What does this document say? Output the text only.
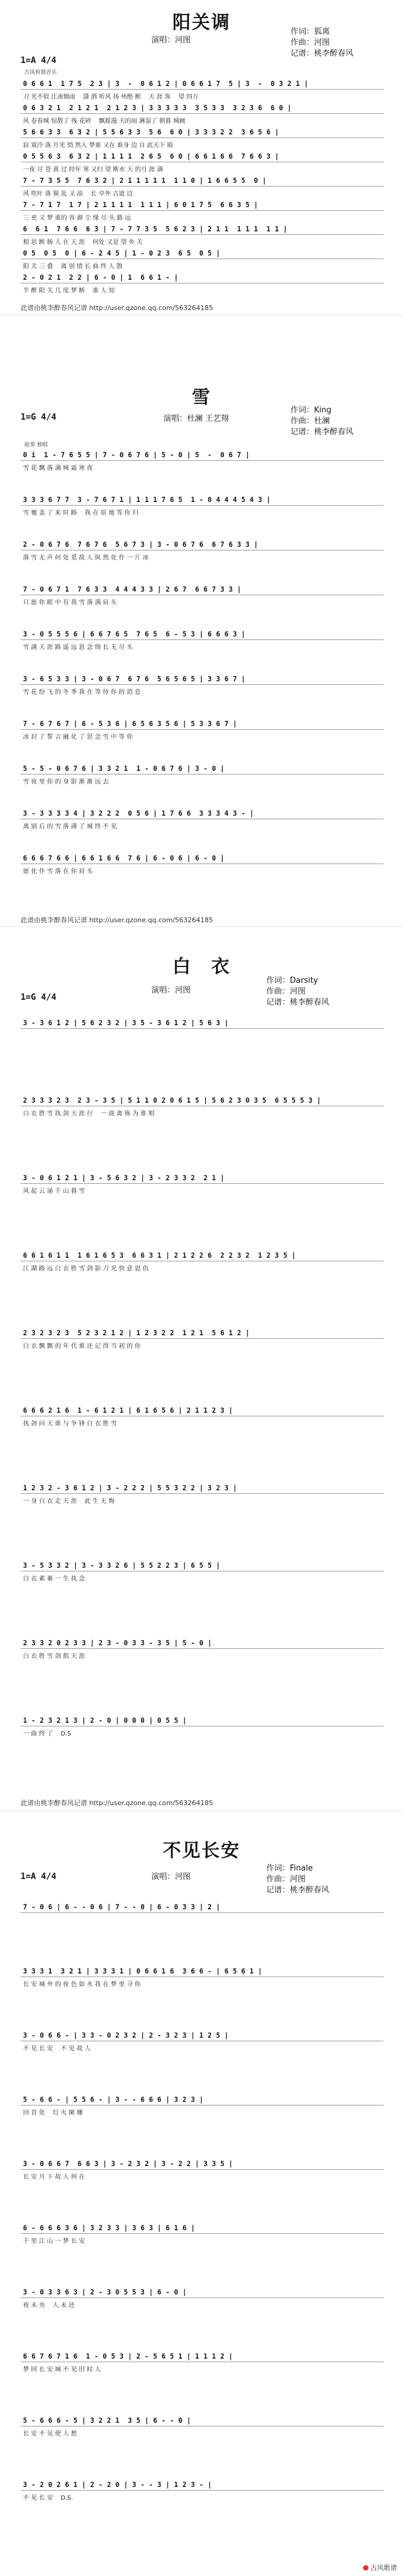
阳关调
1=A 4/4
演唱：河图
作词：狐离
作曲：河图
记谱：桃李醉春风
古风和谐音乐
0 6 6 1  1 7 5  2 3 | 3  -  0 6 1 2 | 0 6 6 1 7  5 | 3  -  0 3 2 1 |
刀 光不似 江南烟雨    潇 洒 听风 扬 州绝 断    天 涯 客    望 四方
0 6 3 2 1  2 1 2 1  2 1 2 3 | 3 3 3 3 3  3 5 3 3  3 2 3 6  6 0 |
风 卷春城 惊散了 残 花碎    飘摇漫 天的雨 淋湿了 朝暮 城阙
5 6 6 3 3  6 3 2 | 5 5 6 3 3  5 6  6 0 | 3 3 3 2 2  3 6 5 6 |
寂 寞冷 落 月光 悄 然入 梦谁 又在 谁身 边 自 此天下 暗
0 5 5 6 3  6 3 2 | 1 1 1 1  2 6 5  6 0 | 6 6 1 6 6  7 6 6 3 |
一夜 尽 苍 黄 过 经年 寒 又归 望 断水 天 的月 涯 满
7 - 7 3 5 5  7 6 3 2 | 2 1 1 1 1 1  1 1 0 | 1 6 6 5 5  0 |
风 吹叶 落 鬓 乱 又 添    长 亭外 古道 边
7 - 7 1 7  1 7 | 2 1 1 1 1  1 1 1 | 6 0 1 7 5  6 6 3 5 |
三 更 又 梦 谁的 容 颜 尘 缘 尽 头 路 远
6  6 1  7 6 6  6 3 | 7 - 7 7 3 5  5 6 2 3 | 2 1 1  1 1 1  1 1 |
相 思 断 肠 人 在 天 涯    何处 又是 望 乡 关
0 5  0 5  0 | 6 - 2 4 5 | 1 - 0 2 3  6 5  0 5 |
阳 关 三 叠    离 别 情 长 曲 终 人 散
2 - 0 2 1  2 2 | 6 - 0 | 1  6 6 1 - |
半 醉 阳 关 几 度 梦 断    谁 人 知
此谱由桃李醉春风记谱 http://user.qzone.qq.com/563264185
雪
1=G 4/4	演唱：杜澜 王艺翔
作词：King
作曲：杜澜
记谱：桃李醉春风
前奏 独唱
0 i  1 - 7 6 5 5 | 7 - 0 6 7 6 | 5 - 0 | 5  -  0 6 7 |
雪 花 飘 落 满 城 霜 寒 夜
3 3 3 6 7 7  3 - 7 6 7 1 | 1 1 1 7 6 5  1 - 0 4 4 4 5 4 3 |
雪 覆 盖 了 来 时 路    我 在 原 地 等 你 归
2 - 0 6 7 6  7 6 7 6  5 6 7 3 | 3 - 0 6 7 6  6 7 6 3 3 |
落 雪 无 声 何 处 觅 故 人 纵 然 化 作 一 片 冰
7 - 0 6 7 1  7 6 3 3  4 4 4 3 3 | 2 6 7  6 6 7 3 3 |
只 愿 你 眼 中 有 我 雪 落 满 肩 头
3 - 0 5 5 5 6 | 6 6 7 6 5  7 6 5  6 - 5 3 | 6 6 6 3 |
雪 满 天 涯 路 遥 远 思 念 绵 长 无 尽 头
3 - 6 5 3 3 | 3 - 0 6 7  6 7 6  5 6 5 6 5 | 3 3 6 7 |
雪 花 纷 飞 的 冬 季 我 在 等 待 你 的 消 息
7 - 6 7 6 7 | 6 - 5 3 6 | 6 5 6 3 5 6 | 5 3 3 6 7 |
冰 封 了 誓 言 融 化 了 思 念 雪 中 等 你
5 - 5 - 0 6 7 6 | 3 3 2 1  1 - 0 6 7 6 | 3 - 0 |
雪 夜 里 你 的 身 影 渐 渐 远 去
3 - 3 3 3 3 4 | 3 2 2 2  0 5 6 | 1 7 6 6  3 3 3 4 3 - |
离 别 后 的 雪 落 满 了 城 终 不 见
6 6 6 7 6 6 | 6 6 1 6 6  7 6 | 6 - 0 6 | 6 - 0 |
愿 化 作 雪 落 在 你 肩 头
此谱由桃李醉春风记谱 http://user.qzone.qq.com/563264185
白　衣
1=G 4/4
演唱：河图
作词：Darsity
作曲：河图
记谱：桃李醉春风
3 - 3 6 1 2 | 5 6 2 3 2 | 3 5 - 3 6 1 2 | 5 6 3 |
2 3 3 3 2 3  2 3 - 3 5 | 5 1 1 0 2 0 6 1 5 | 5 6 2 3 0 3 5  6 5 5 5 3 |
白 衣 胜 雪 执 剑 天 涯 行    一 曲 离 殇 为 谁 唱
3 - 0 6 1 2 1 | 3 - 5 6 3 2 | 3 - 2 3 3 2  2 1 |
风 起 云 涌 千 山 暮 雪
6 6 1 6 1 1  1 6 1 6 5 3  6 6 3 1 | 2 1 2 2 6  2 2 3 2  1 2 3 5 |
江 湖 路 远 白 衣 胜 雪 剑 影 刀 光 快 意 恩 仇
2 3 2 3 2 3  5 2 3 2 1 2 | 1 2 3 2 2  1 2 1  5 6 1 2 |
白 衣 飘 飘 的 年 代 谁 还 记 得 当 初 的 你
6 6 6 2 1 6  1 - 6 1 2 1 | 6 1 6 5 6 | 2 1 1 2 3 |
执 剑 问 天 谁 与 争 锋 白 衣 胜 雪
1 2 3 2 - 3 6 1 2 | 3 - 2 2 2 | 5 5 3 2 2 | 3 2 3 |
一 身 白 衣 走 天 涯    此 生 无 悔
3 - 5 3 3 2 | 3 - 3 3 2 6 | 5 5 2 2 3 | 6 5 5 |
白 衣 素 裹 一 生 执 念
2 3 3 2 0 2 3 3 | 2 3 - 0 3 3 - 3 5 | 5 - 0 |
白 衣 胜 雪 剑 指 天 涯
1 - 2 3 2 1 3 | 2 - 0 | 0 0 0 | 0 5 5 |
一 曲 终 了    D.S
此谱由桃李醉春风记谱 http://user.qzone.qq.com/563264185
不见长安
1=A 4/4	演唱：河图
作词：Finale
作曲：河图
记谱：桃李醉春风
7 - 0 6 | 6 - - 0 6 | 7 - - 0 | 6 - 0 3 3 | 2 |
3 3 3 1  3 2 1 | 3 3 3 1 | 0 6 6 1 6  3 6 6 - | 6 5 6 1 |
长 安 城 外 的 夜 色 如 水 我 在 梦 里 寻 你
3 - 0 6 6 - | 3 3 - 0 2 3 2 | 2 - 3 2 3 | 1 2 5 |
不 见 长 安    不 见 故 人
5 - 6 6 - | 5 5 6 - | 3 - - 6 6 6 | 3 2 3 |
回 首 处    灯 火 阑 珊
3 - 0 6 6 7  6 6 3 | 3 - 2 3 2 | 3 - 2 2 | 3 3 5 |
长 安 月 下 故 人 何 在
6 - 6 6 6 3 6 | 3 2 3 3 | 3 6 3 | 6 1 6 |
千 里 江 山 一 梦 长 安
3 - 0 3 3 6 3 | 2 - 3 0 5 5 3 | 6 - 0 |
夜 未 央    人 未 还
6 6 7 6 7 1 6  1 - 0 5 3 | 2 - 5 6 5 1 | 1 1 1 2 |
梦 回 长 安 城 不 见 旧 时 人
5 - 6 6 6 - 5 | 3 2 2 1  3 5 | 6 - - 0 |
长 安 不 见 使 人 愁
3 - 2 0 2 6 1 | 2 - 2 0 | 3 - - 3 | 1 2 3 - |
不 见 长 安    D.S.
古风歌谱
